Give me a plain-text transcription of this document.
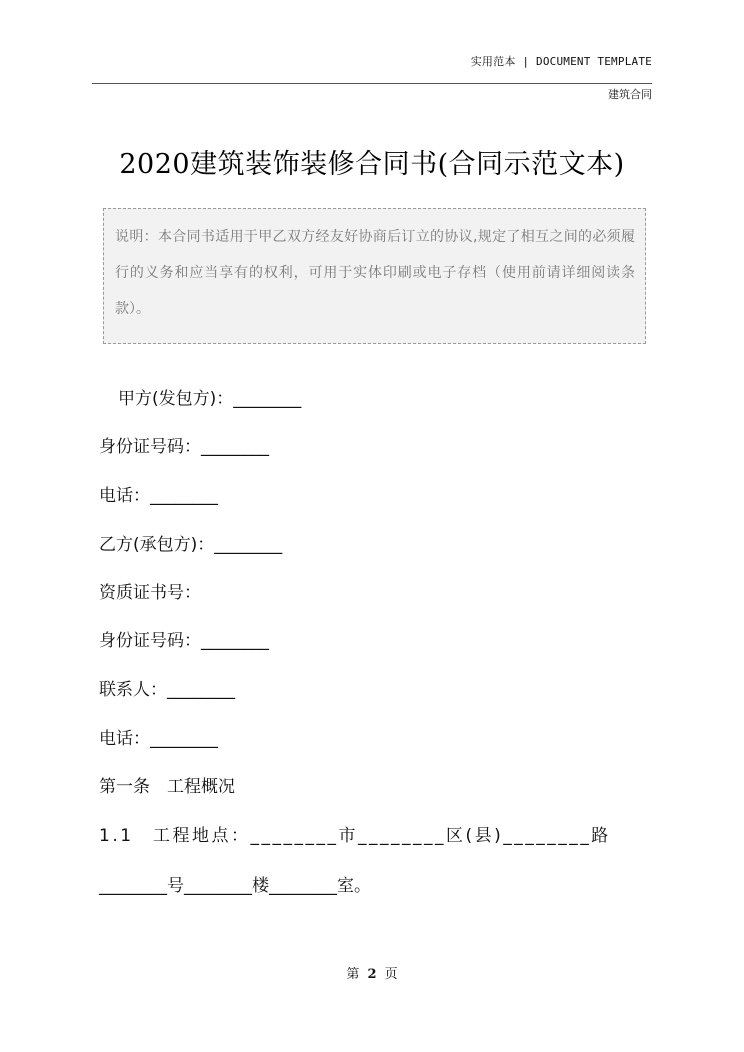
实用范本 | DOCUMENT TEMPLATE
建筑合同
2020建筑装饰装修合同书(合同示范文本)
说明：本合同书适用于甲乙双方经友好协商后订立的协议,规定了相互之间的必须履行的义务和应当享有的权利，可用于实体印刷或电子存档（使用前请详细阅读条款）。
甲方(发包方)：________
身份证号码：________
电话：________
乙方(承包方)：________
资质证书号：
身份证号码：________
联系人：________
电话：________
第一条　工程概况
1.1　工程地点：________市________区(县)________路
________号________楼________室。
第 2 页
